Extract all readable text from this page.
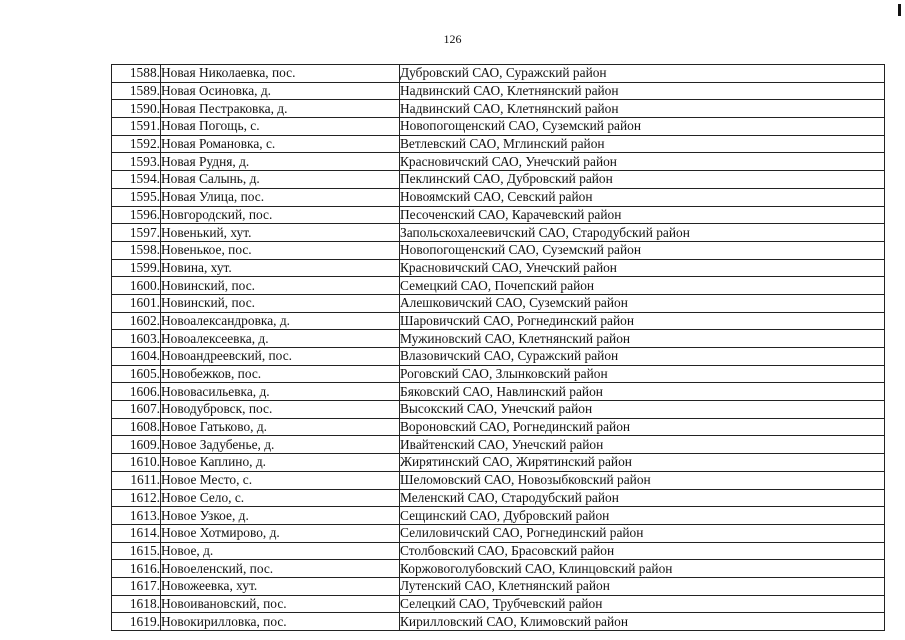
126
1588.	Новая Николаевка, пос.	Дубровский САО, Суражский район
1589.	Новая Осиновка, д.	Надвинский САО, Клетнянский район
1590.	Новая Пестраковка, д.	Надвинский САО, Клетнянский район
1591.	Новая Погощь, с.	Новопогощенский САО, Суземский район
1592.	Новая Романовка, с.	Ветлевский САО, Мглинский район
1593.	Новая Рудня, д.	Красновичский САО, Унечский район
1594.	Новая Салынь, д.	Пеклинский САО, Дубровский район
1595.	Новая Улица, пос.	Новоямский САО, Севский район
1596.	Новгородский, пос.	Песоченский САО, Карачевский район
1597.	Новенький, хут.	Запольскохалеевичский САО, Стародубский район
1598.	Новенькое, пос.	Новопогощенский САО, Суземский район
1599.	Новина, хут.	Красновичский САО, Унечский район
1600.	Новинский, пос.	Семецкий САО, Почепский район
1601.	Новинский, пос.	Алешковичский САО, Суземский район
1602.	Новоалександровка, д.	Шаровичский САО, Рогнединский район
1603.	Новоалексеевка, д.	Мужиновский САО, Клетнянский район
1604.	Новоандреевский, пос.	Влазовичский САО, Суражский район
1605.	Новобежков, пос.	Роговский САО, Злынковский район
1606.	Нововасильевка, д.	Бяковский САО, Навлинский район
1607.	Новодубровск, пос.	Высокский САО, Унечский район
1608.	Новое Гатьково, д.	Вороновский САО, Рогнединский район
1609.	Новое Задубенье, д.	Ивайтенский САО, Унечский район
1610.	Новое Каплино, д.	Жирятинский САО, Жирятинский район
1611.	Новое Место, с.	Шеломовский САО, Новозыбковский район
1612.	Новое Село, с.	Меленский САО, Стародубский район
1613.	Новое Узкое, д.	Сещинский САО, Дубровский район
1614.	Новое Хотмирово, д.	Селиловичский САО, Рогнединский район
1615.	Новое, д.	Столбовский САО, Брасовский район
1616.	Новоеленский, пос.	Коржовоголубовский САО, Клинцовский район
1617.	Новожеевка, хут.	Лутенский САО, Клетнянский район
1618.	Новоивановский, пос.	Селецкий САО, Трубчевский район
1619.	Новокирилловка, пос.	Кирилловский САО, Климовский район
